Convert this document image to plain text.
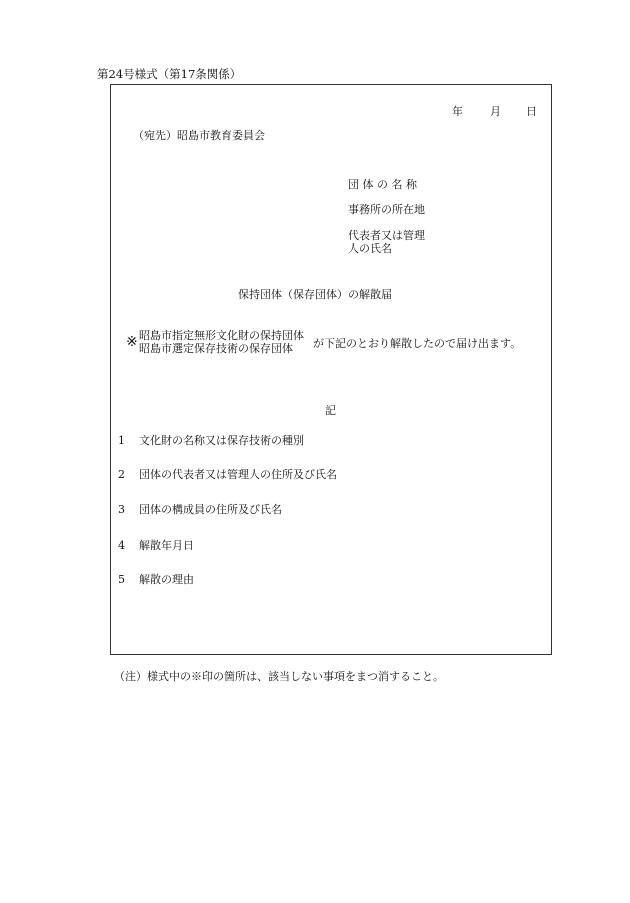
第24号様式（第17条関係）
年 月 日
（宛先）昭島市教育委員会
団 体 の 名 称
事務所の所在地
代表者又は管理
人の氏名
保持団体（保存団体）の解散届
※ 昭島市指定無形文化財の保持団体
昭島市選定保存技術の保存団体	が下記のとおり解散したので届け出ます。
記
1 文化財の名称又は保存技術の種別
2 団体の代表者又は管理人の住所及び氏名
3 団体の構成員の住所及び氏名
4 解散年月日
5 解散の理由
（注）様式中の※印の箇所は、該当しない事項をまつ消すること。
